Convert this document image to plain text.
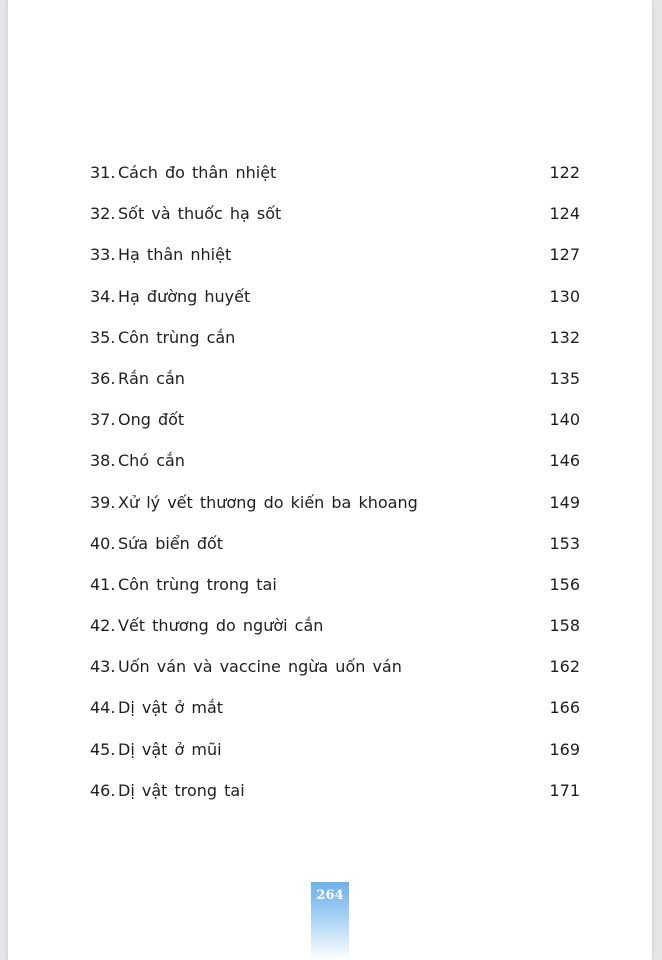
31. Cách đo thân nhiệt	122
32. Sốt và thuốc hạ sốt	124
33. Hạ thân nhiệt	127
34. Hạ đường huyết	130
35. Côn trùng cắn	132
36. Rắn cắn	135
37. Ong đốt	140
38. Chó cắn	146
39. Xử lý vết thương do kiến ba khoang	149
40. Sứa biển đốt	153
41. Côn trùng trong tai	156
42. Vết thương do người cắn	158
43. Uốn ván và vaccine ngừa uốn ván	162
44. Dị vật ở mắt	166
45. Dị vật ở mũi	169
46. Dị vật trong tai	171
264
